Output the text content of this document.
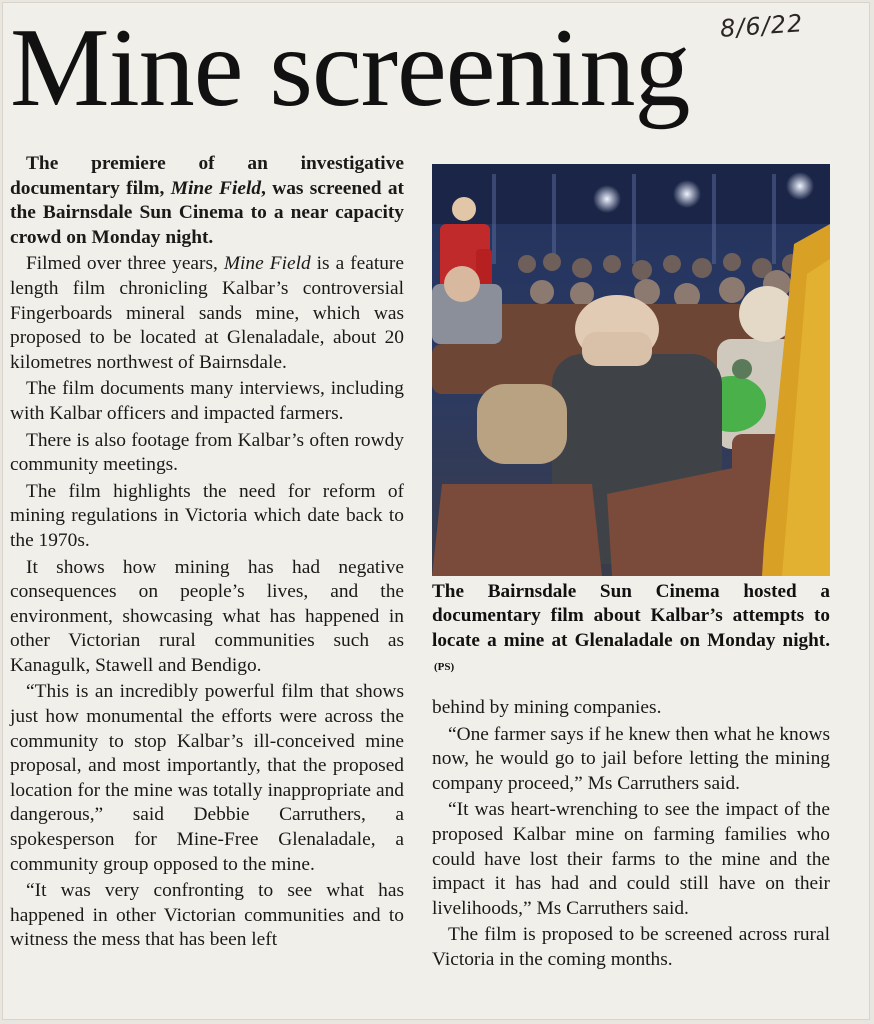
8/6/22
Mine screening

The premiere of an investigative documentary film, Mine Field, was screened at the Bairnsdale Sun Cinema to a near capacity crowd on Monday night.

Filmed over three years, Mine Field is a feature length film chronicling Kalbar’s controversial Fingerboards mineral sands mine, which was proposed to be located at Glenaladale, about 20 kilometres northwest of Bairnsdale.

The film documents many interviews, including with Kalbar officers and impacted farmers.

There is also footage from Kalbar’s often rowdy community meetings.

The film highlights the need for reform of mining regulations in Victoria which date back to the 1970s.

It shows how mining has had negative consequences on people’s lives, and the environment, showcasing what has happened in other Victorian rural communities such as Kanagulk, Stawell and Bendigo.

“This is an incredibly powerful film that shows just how monumental the efforts were across the community to stop Kalbar’s ill-conceived mine proposal, and most importantly, that the proposed location for the mine was totally inappropriate and dangerous,” said Debbie Carruthers, a spokesperson for Mine-Free Glenaladale, a community group opposed to the mine.

“It was very confronting to see what has happened in other Victorian communities and to witness the mess that has been left

The Bairnsdale Sun Cinema hosted a documentary film about Kalbar’s attempts to locate a mine at Glenaladale on Monday night. (PS)

behind by mining companies.

“One farmer says if he knew then what he knows now, he would go to jail before letting the mining company proceed,” Ms Carruthers said.

“It was heart-wrenching to see the impact of the proposed Kalbar mine on farming families who could have lost their farms to the mine and the impact it has had and could still have on their livelihoods,” Ms Carruthers said.

The film is proposed to be screened across rural Victoria in the coming months.
